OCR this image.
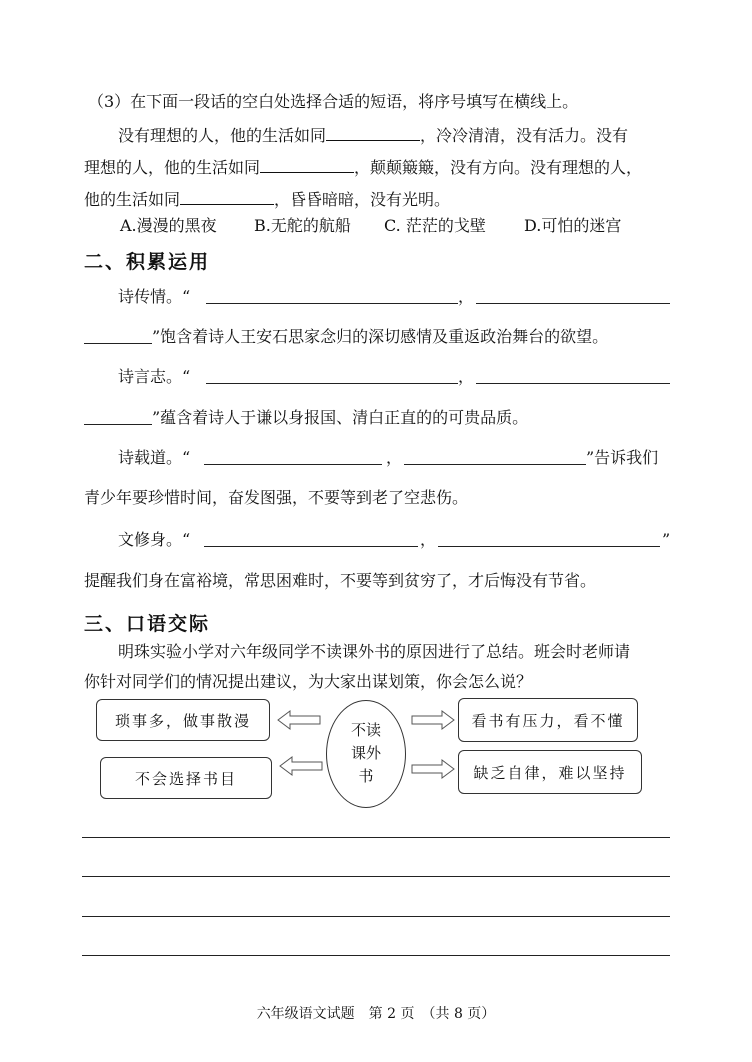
（3）在下面一段话的空白处选择合适的短语，将序号填写在横线上。
没有理想的人，他的生活如同	，冷冷清清，没有活力。没有
理想的人，他的生活如同	，颠颠簸簸，没有方向。没有理想的人，
他的生活如同	，昏昏暗暗，没有光明。
A.漫漫的黑夜 B.无舵的航船 C. 茫茫的戈壁 D.可怕的迷宫
二、积累运用
诗传情。“	，
”饱含着诗人王安石思家念归的深切感情及重返政治舞台的欲望。
诗言志。“	，
”蕴含着诗人于谦以身报国、清白正直的的可贵品质。
诗载道。“	，	”告诉我们
青少年要珍惜时间，奋发图强，不要等到老了空悲伤。
文修身。“	，	”
提醒我们身在富裕境，常思困难时，不要等到贫穷了，才后悔没有节省。
三、口语交际
明珠实验小学对六年级同学不读课外书的原因进行了总结。班会时老师请
你针对同学们的情况提出建议，为大家出谋划策，你会怎么说？
琐事多，做事散漫
不会选择书目
看书有压力，看不懂
缺乏自律，难以坚持
不读
课外
书
六年级语文试题　第 2 页　（共 8 页）
